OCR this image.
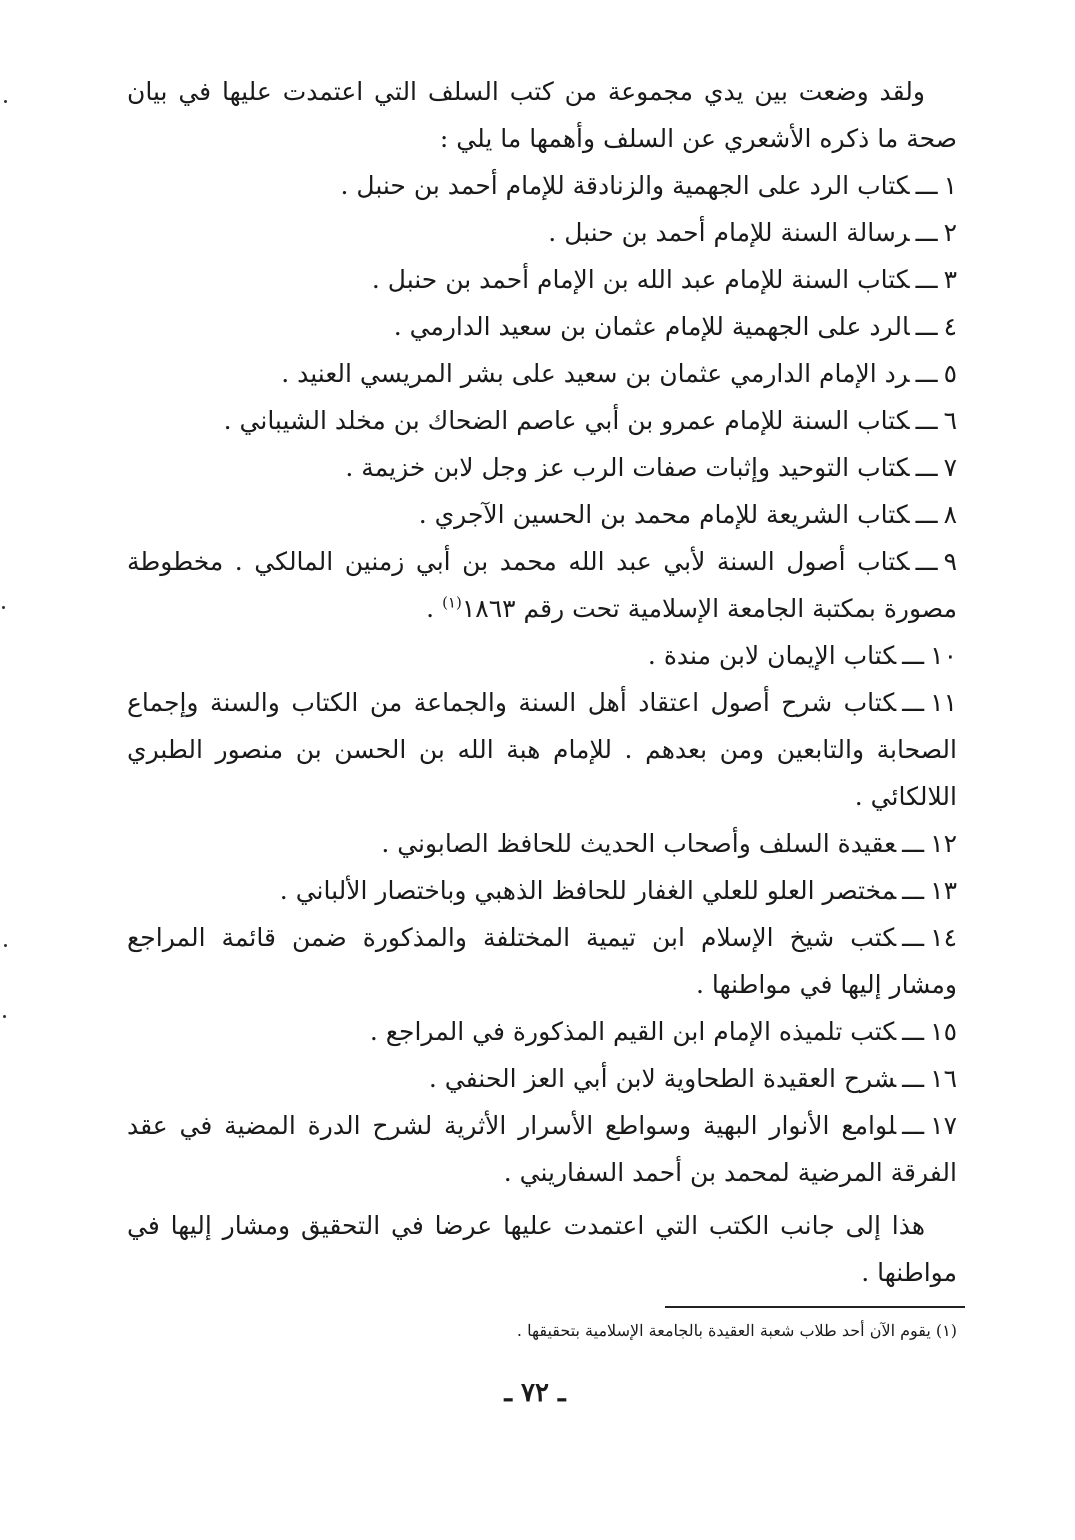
ولقد وضعت بين يدي مجموعة من كتب السلف التي اعتمدت عليها في بيان صحة ما ذكره الأشعري عن السلف وأهمها ما يلي :

١ـــكتاب الرد على الجهمية والزنادقة للإمام أحمد بن حنبل .
٢ـــرسالة السنة للإمام أحمد بن حنبل .
٣ـــكتاب السنة للإمام عبد الله بن الإمام أحمد بن حنبل .
٤ـــالرد على الجهمية للإمام عثمان بن سعيد الدارمي .
٥ـــرد الإمام الدارمي عثمان بن سعيد على بشر المريسي العنيد .
٦ـــكتاب السنة للإمام عمرو بن أبي عاصم الضحاك بن مخلد الشيباني .
٧ـــكتاب التوحيد وإثبات صفات الرب عز وجل لابن خزيمة .
٨ـــكتاب الشريعة للإمام محمد بن الحسين الآجري .
٩ـــكتاب أصول السنة لأبي عبد الله محمد بن أبي زمنين المالكي . مخطوطة مصورة بمكتبة الجامعة الإسلامية تحت رقم ١٨٦٣$^{(١)}$ .
١٠ـــكتاب الإيمان لابن مندة .
١١ـــكتاب شرح أصول اعتقاد أهل السنة والجماعة من الكتاب والسنة وإجماع الصحابة والتابعين ومن بعدهم . للإمام هبة الله بن الحسن بن منصور الطبري اللالكائي .
١٢ـــعقيدة السلف وأصحاب الحديث للحافظ الصابوني .
١٣ـــمختصر العلو للعلي الغفار للحافظ الذهبي وباختصار الألباني .
١٤ـــكتب شيخ الإسلام ابن تيمية المختلفة والمذكورة ضمن قائمة المراجع ومشار إليها في مواطنها .
١٥ـــكتب تلميذه الإمام ابن القيم المذكورة في المراجع .
١٦ـــشرح العقيدة الطحاوية لابن أبي العز الحنفي .
١٧ـــلوامع الأنوار البهية وسواطع الأسرار الأثرية لشرح الدرة المضية في عقد الفرقة المرضية لمحمد بن أحمد السفاريني .

هذا إلى جانب الكتب التي اعتمدت عليها عرضا في التحقيق ومشار إليها في مواطنها .

(١) يقوم الآن أحد طلاب شعبة العقيدة بالجامعة الإسلامية بتحقيقها .
ـ ٧٢ ـ
